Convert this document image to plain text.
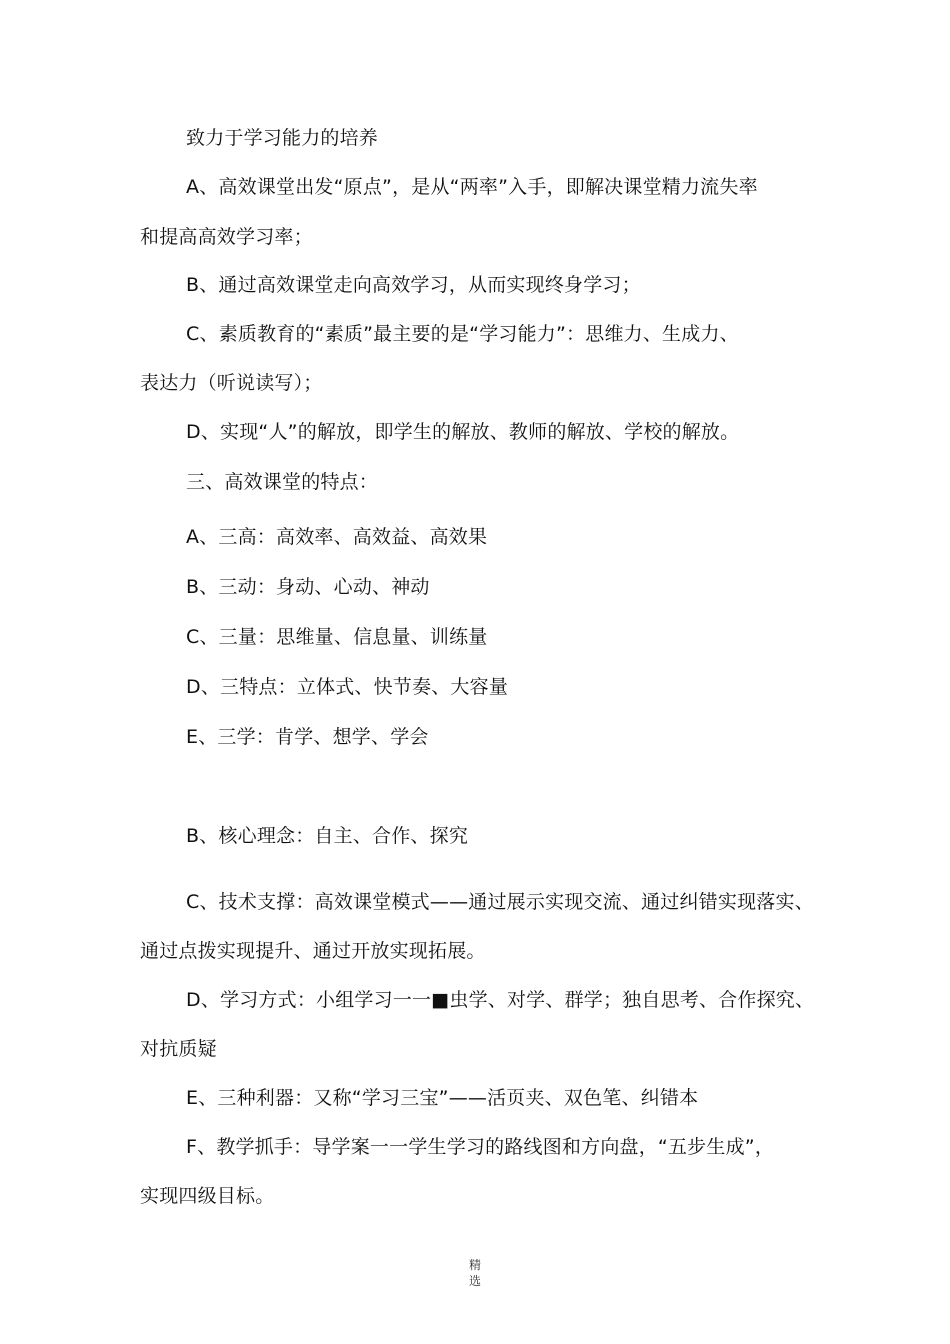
致力于学习能力的培养
A、高效课堂出发“原点”，是从“两率”入手，即解决课堂精力流失率
和提高高效学习率；
B、通过高效课堂走向高效学习，从而实现终身学习；
C、素质教育的“素质”最主要的是“学习能力”：思维力、生成力、
表达力（听说读写）；
D、实现“人”的解放，即学生的解放、教师的解放、学校的解放。
三、高效课堂的特点：
A、三高：高效率、高效益、高效果
B、三动：身动、心动、神动
C、三量：思维量、信息量、训练量
D、三特点：立体式、快节奏、大容量
E、三学：肯学、想学、学会
B、核心理念：自主、合作、探究
C、技术支撑：高效课堂模式——通过展示实现交流、通过纠错实现落实、
通过点拨实现提升、通过开放实现拓展。
D、学习方式：小组学习一一■虫学、对学、群学；独自思考、合作探究、
对抗质疑
E、三种利器：又称“学习三宝”——活页夹、双色笔、纠错本
F、教学抓手：导学案一一学生学习的路线图和方向盘，“五步生成”，
实现四级目标。
精
选
